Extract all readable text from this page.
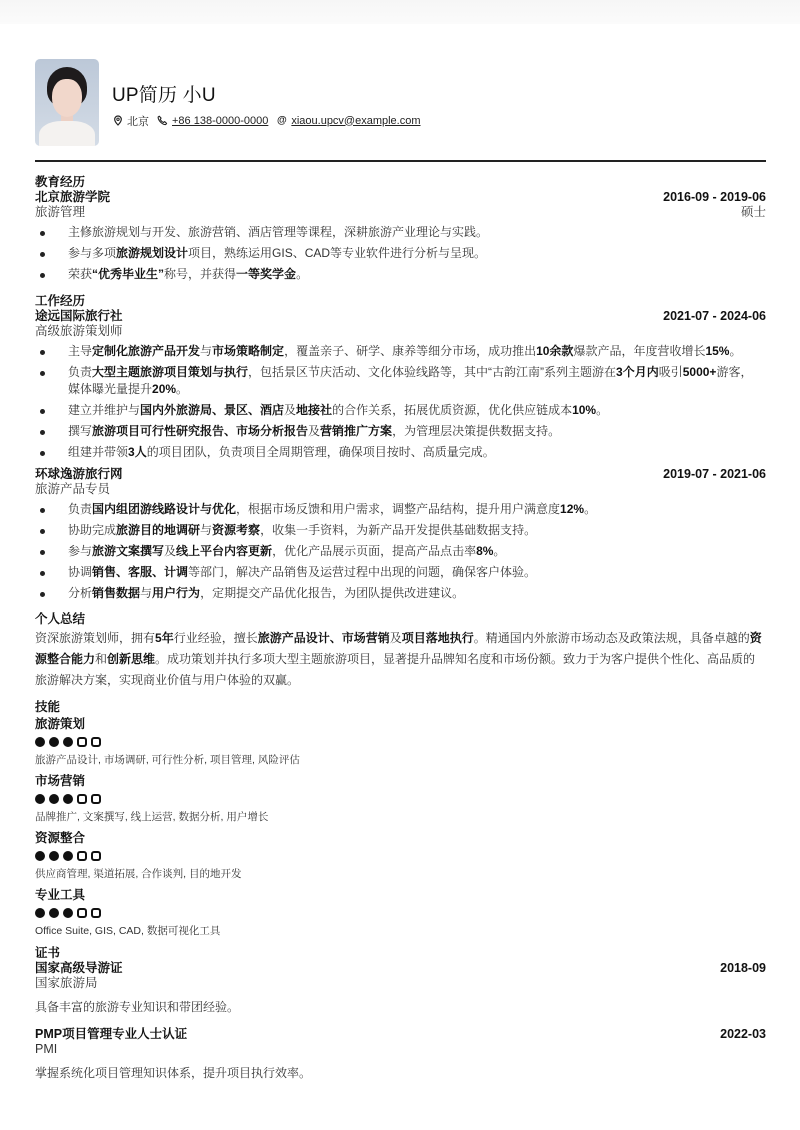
UP简历 小U
北京 +86 138-0000-0000 @ xiaou.upcv@example.com
教育经历
北京旅游学院	2016-09 - 2019-06
旅游管理	硕士
主修旅游规划与开发、旅游营销、酒店管理等课程，深耕旅游产业理论与实践。
参与多项旅游规划设计项目，熟练运用GIS、CAD等专业软件进行分析与呈现。
荣获“优秀毕业生”称号，并获得一等奖学金。
工作经历
途远国际旅行社	2021-07 - 2024-06
高级旅游策划师
主导定制化旅游产品开发与市场策略制定，覆盖亲子、研学、康养等细分市场，成功推出10余款爆款产品，年度营收增长15%。
负责大型主题旅游项目策划与执行，包括景区节庆活动、文化体验线路等，其中“古韵江南”系列主题游在3个月内吸引5000+游客，媒体曝光量提升20%。
建立并维护与国内外旅游局、景区、酒店及地接社的合作关系，拓展优质资源，优化供应链成本10%。
撰写旅游项目可行性研究报告、市场分析报告及营销推广方案，为管理层决策提供数据支持。
组建并带领3人的项目团队，负责项目全周期管理，确保项目按时、高质量完成。
环球逸游旅行网	2019-07 - 2021-06
旅游产品专员
负责国内组团游线路设计与优化，根据市场反馈和用户需求，调整产品结构，提升用户满意度12%。
协助完成旅游目的地调研与资源考察，收集一手资料，为新产品开发提供基础数据支持。
参与旅游文案撰写及线上平台内容更新，优化产品展示页面，提高产品点击率8%。
协调销售、客服、计调等部门，解决产品销售及运营过程中出现的问题，确保客户体验。
分析销售数据与用户行为，定期提交产品优化报告，为团队提供改进建议。
个人总结
资深旅游策划师，拥有5年行业经验，擅长旅游产品设计、市场营销及项目落地执行。精通国内外旅游市场动态及政策法规，具备卓越的资源整合能力和创新思维。成功策划并执行多项大型主题旅游项目，显著提升品牌知名度和市场份额。致力于为客户提供个性化、高品质的旅游解决方案，实现商业价值与用户体验的双赢。
技能
旅游策划
旅游产品设计, 市场调研, 可行性分析, 项目管理, 风险评估
市场营销
品牌推广, 文案撰写, 线上运营, 数据分析, 用户增长
资源整合
供应商管理, 渠道拓展, 合作谈判, 目的地开发
专业工具
Office Suite, GIS, CAD, 数据可视化工具
证书
国家高级导游证	2018-09
国家旅游局
具备丰富的旅游专业知识和带团经验。
PMP项目管理专业人士认证	2022-03
PMI
掌握系统化项目管理知识体系，提升项目执行效率。
